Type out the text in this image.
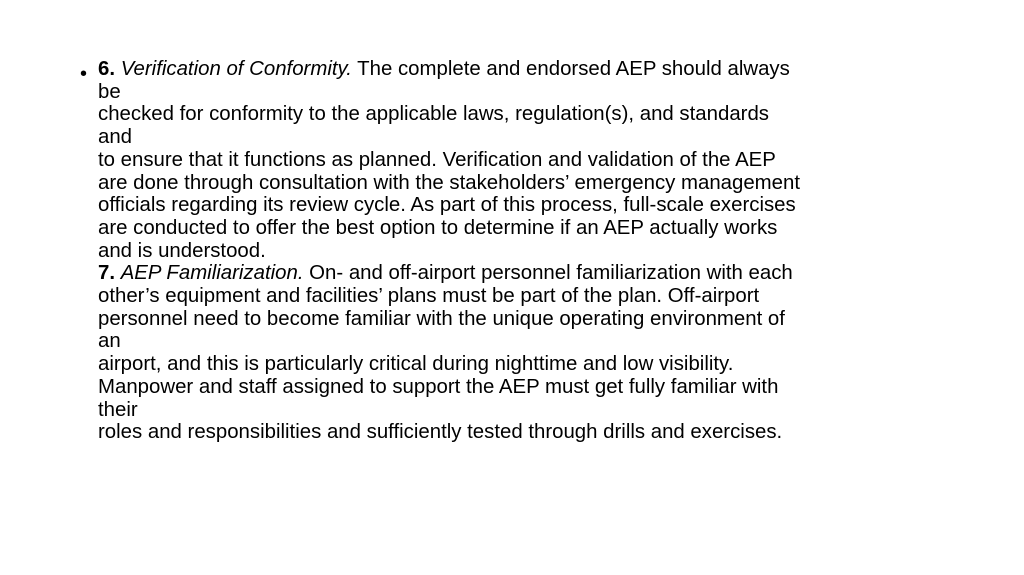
• 6. Verification of Conformity. The complete and endorsed AEP should always
be
checked for conformity to the applicable laws, regulation(s), and standards
and
to ensure that it functions as planned. Verification and validation of the AEP
are done through consultation with the stakeholders’ emergency management
officials regarding its review cycle. As part of this process, full-scale exercises
are conducted to offer the best option to determine if an AEP actually works
and is understood.
7. AEP Familiarization. On- and off-airport personnel familiarization with each
other’s equipment and facilities’ plans must be part of the plan. Off-airport
personnel need to become familiar with the unique operating environment of
an
airport, and this is particularly critical during nighttime and low visibility.
Manpower and staff assigned to support the AEP must get fully familiar with
their
roles and responsibilities and sufficiently tested through drills and exercises.
